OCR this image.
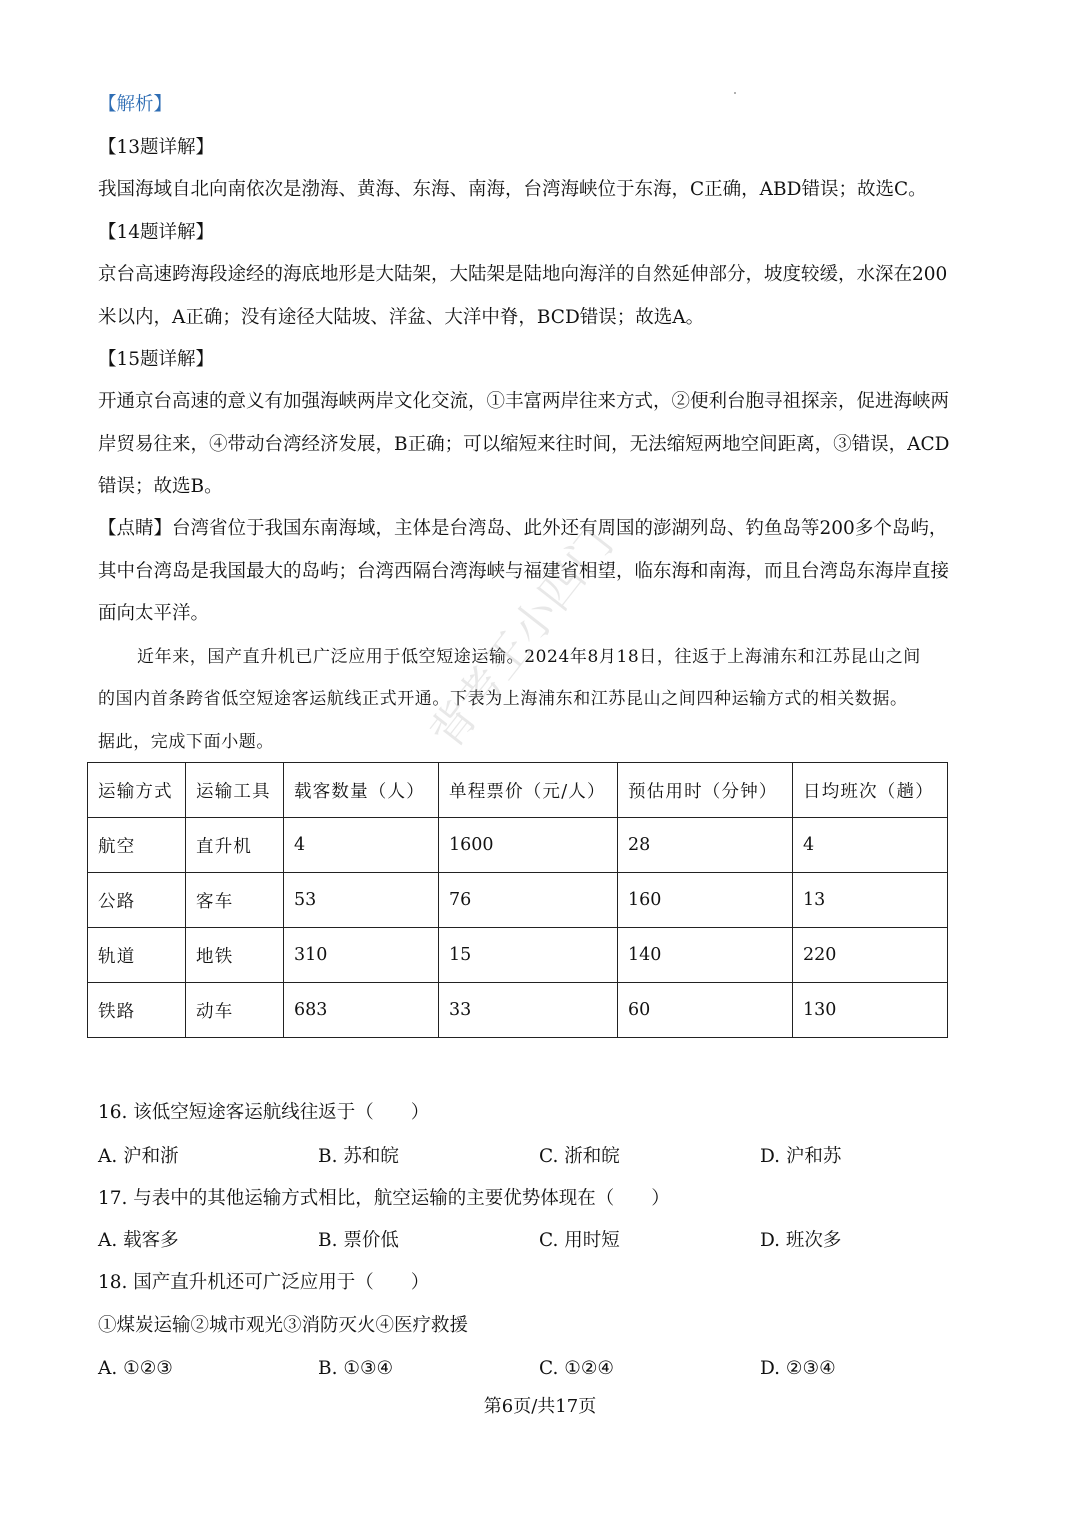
【解析】
【13题详解】
我国海域自北向南依次是渤海、黄海、东海、南海，台湾海峡位于东海，C正确，ABD错误；故选C。
【14题详解】
京台高速跨海段途经的海底地形是大陆架，大陆架是陆地向海洋的自然延伸部分，坡度较缓，水深在200
米以内，A正确；没有途径大陆坡、洋盆、大洋中脊，BCD错误；故选A。
【15题详解】
开通京台高速的意义有加强海峡两岸文化交流，①丰富两岸往来方式，②便利台胞寻祖探亲，促进海峡两
岸贸易往来，④带动台湾经济发展，B正确；可以缩短来往时间，无法缩短两地空间距离，③错误，ACD
错误；故选B。
【点睛】台湾省位于我国东南海域，主体是台湾岛、此外还有周国的澎湖列岛、钓鱼岛等200多个岛屿，
其中台湾岛是我国最大的岛屿；台湾西隔台湾海峡与福建省相望，临东海和南海，而且台湾岛东海岸直接
面向太平洋。
近年来，国产直升机已广泛应用于低空短途运输。2024年8月18日，往返于上海浦东和江苏昆山之间
的国内首条跨省低空短途客运航线正式开通。下表为上海浦东和江苏昆山之间四种运输方式的相关数据。
据此，完成下面小题。
运输方式	运输工具	载客数量（人）	单程票价（元/人）	预估用时（分钟）	日均班次（趟）
航空	直升机	4	1600	28	4
公路	客车	53	76	160	13
轨道	地铁	310	15	140	220
铁路	动车	683	33	60	130
16. 该低空短途客运航线往返于（　　）
A. 沪和浙	B. 苏和皖	C. 浙和皖	D. 沪和苏
17. 与表中的其他运输方式相比，航空运输的主要优势体现在（　　）
A. 载客多	B. 票价低	C. 用时短	D. 班次多
18. 国产直升机还可广泛应用于（　　）
①煤炭运输②城市观光③消防灭火④医疗救援
A. ①②③	B. ①③④	C. ①②④	D. ②③④
背考王小四门
第6页/共17页
